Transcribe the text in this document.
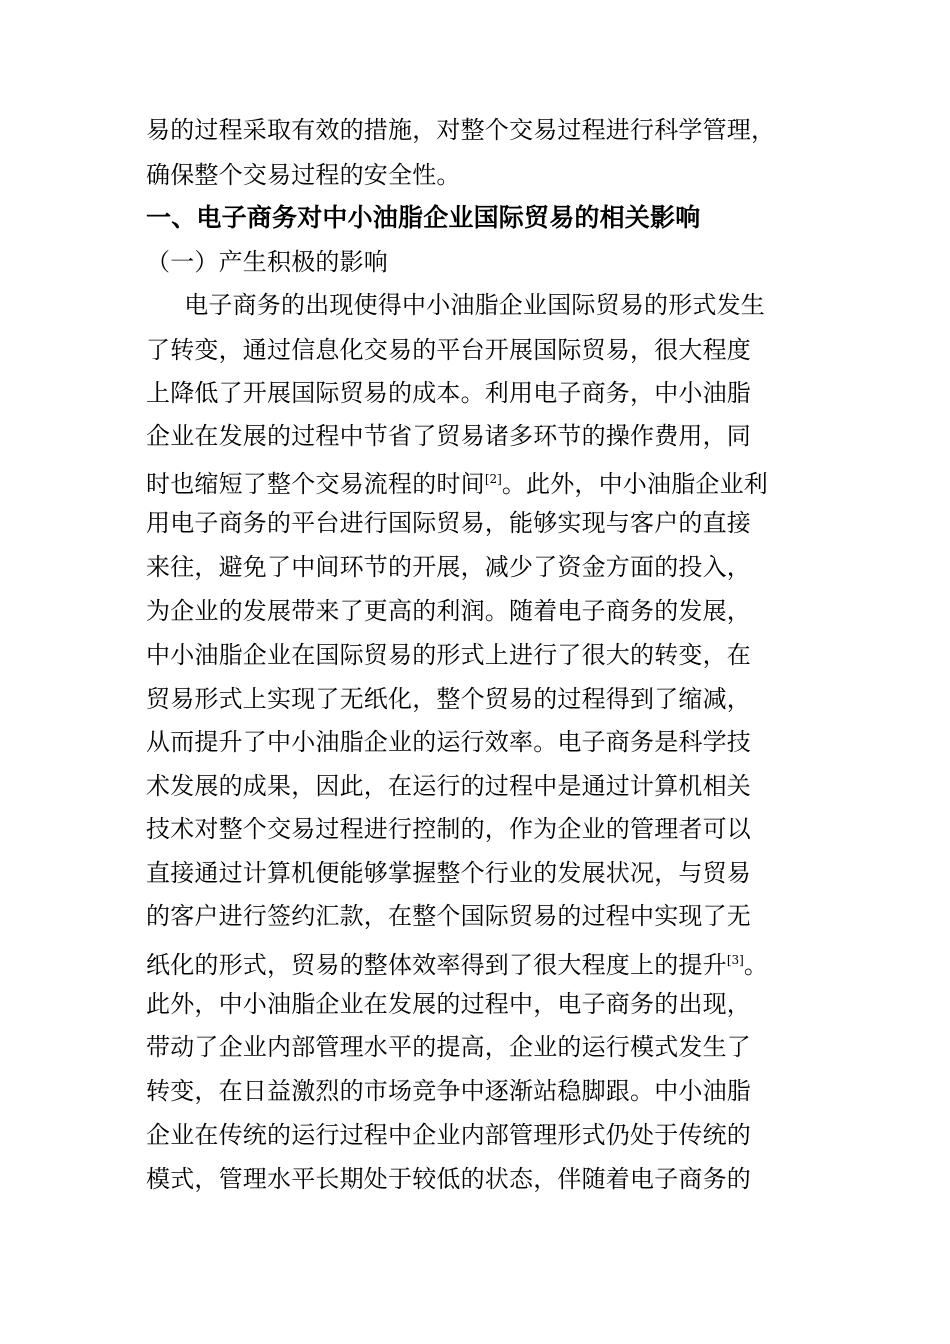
易的过程采取有效的措施，对整个交易过程进行科学管理，
确保整个交易过程的安全性。
一、电子商务对中小油脂企业国际贸易的相关影响
（一）产生积极的影响
　电子商务的出现使得中小油脂企业国际贸易的形式发生
了转变，通过信息化交易的平台开展国际贸易，很大程度
上降低了开展国际贸易的成本。利用电子商务，中小油脂
企业在发展的过程中节省了贸易诸多环节的操作费用，同
时也缩短了整个交易流程的时间[2]。此外，中小油脂企业利
用电子商务的平台进行国际贸易，能够实现与客户的直接
来往，避免了中间环节的开展，减少了资金方面的投入，
为企业的发展带来了更高的利润。随着电子商务的发展，
中小油脂企业在国际贸易的形式上进行了很大的转变，在
贸易形式上实现了无纸化，整个贸易的过程得到了缩减，
从而提升了中小油脂企业的运行效率。电子商务是科学技
术发展的成果，因此，在运行的过程中是通过计算机相关
技术对整个交易过程进行控制的，作为企业的管理者可以
直接通过计算机便能够掌握整个行业的发展状况，与贸易
的客户进行签约汇款，在整个国际贸易的过程中实现了无
纸化的形式，贸易的整体效率得到了很大程度上的提升[3]。
此外，中小油脂企业在发展的过程中，电子商务的出现，
带动了企业内部管理水平的提高，企业的运行模式发生了
转变，在日益激烈的市场竞争中逐渐站稳脚跟。中小油脂
企业在传统的运行过程中企业内部管理形式仍处于传统的
模式，管理水平长期处于较低的状态，伴随着电子商务的
